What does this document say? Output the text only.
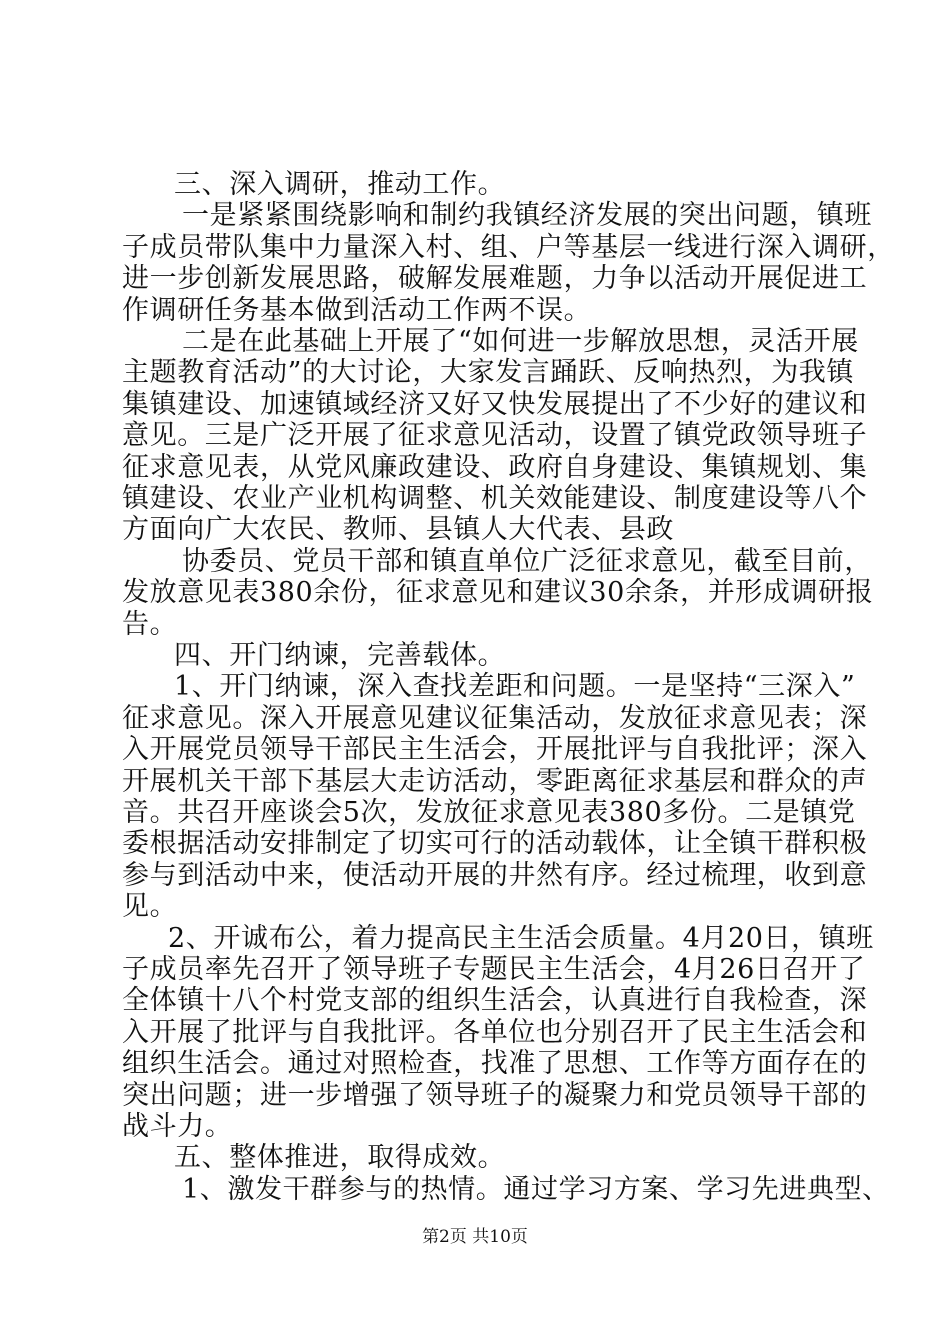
三、深入调研，推动工作。
一是紧紧围绕影响和制约我镇经济发展的突出问题，镇班
子成员带队集中力量深入村、组、户等基层一线进行深入调研，
进一步创新发展思路，破解发展难题，力争以活动开展促进工
作调研任务基本做到活动工作两不误。
二是在此基础上开展了“如何进一步解放思想，灵活开展
主题教育活动”的大讨论，大家发言踊跃、反响热烈，为我镇
集镇建设、加速镇域经济又好又快发展提出了不少好的建议和
意见。三是广泛开展了征求意见活动，设置了镇党政领导班子
征求意见表，从党风廉政建设、政府自身建设、集镇规划、集
镇建设、农业产业机构调整、机关效能建设、制度建设等八个
方面向广大农民、教师、县镇人大代表、县政
协委员、党员干部和镇直单位广泛征求意见，截至目前，
发放意见表380余份，征求意见和建议30余条，并形成调研报
告。
四、开门纳谏，完善载体。
1、开门纳谏，深入查找差距和问题。一是坚持“三深入”
征求意见。深入开展意见建议征集活动，发放征求意见表；深
入开展党员领导干部民主生活会，开展批评与自我批评；深入
开展机关干部下基层大走访活动，零距离征求基层和群众的声
音。共召开座谈会5次，发放征求意见表380多份。二是镇党
委根据活动安排制定了切实可行的活动载体，让全镇干群积极
参与到活动中来，使活动开展的井然有序。经过梳理，收到意
见。
2、开诚布公，着力提高民主生活会质量。4月20日，镇班
子成员率先召开了领导班子专题民主生活会，4月26日召开了
全体镇十八个村党支部的组织生活会，认真进行自我检查，深
入开展了批评与自我批评。各单位也分别召开了民主生活会和
组织生活会。通过对照检查，找准了思想、工作等方面存在的
突出问题；进一步增强了领导班子的凝聚力和党员领导干部的
战斗力。
五、整体推进，取得成效。
1、激发干群参与的热情。通过学习方案、学习先进典型、
第2页 共10页
